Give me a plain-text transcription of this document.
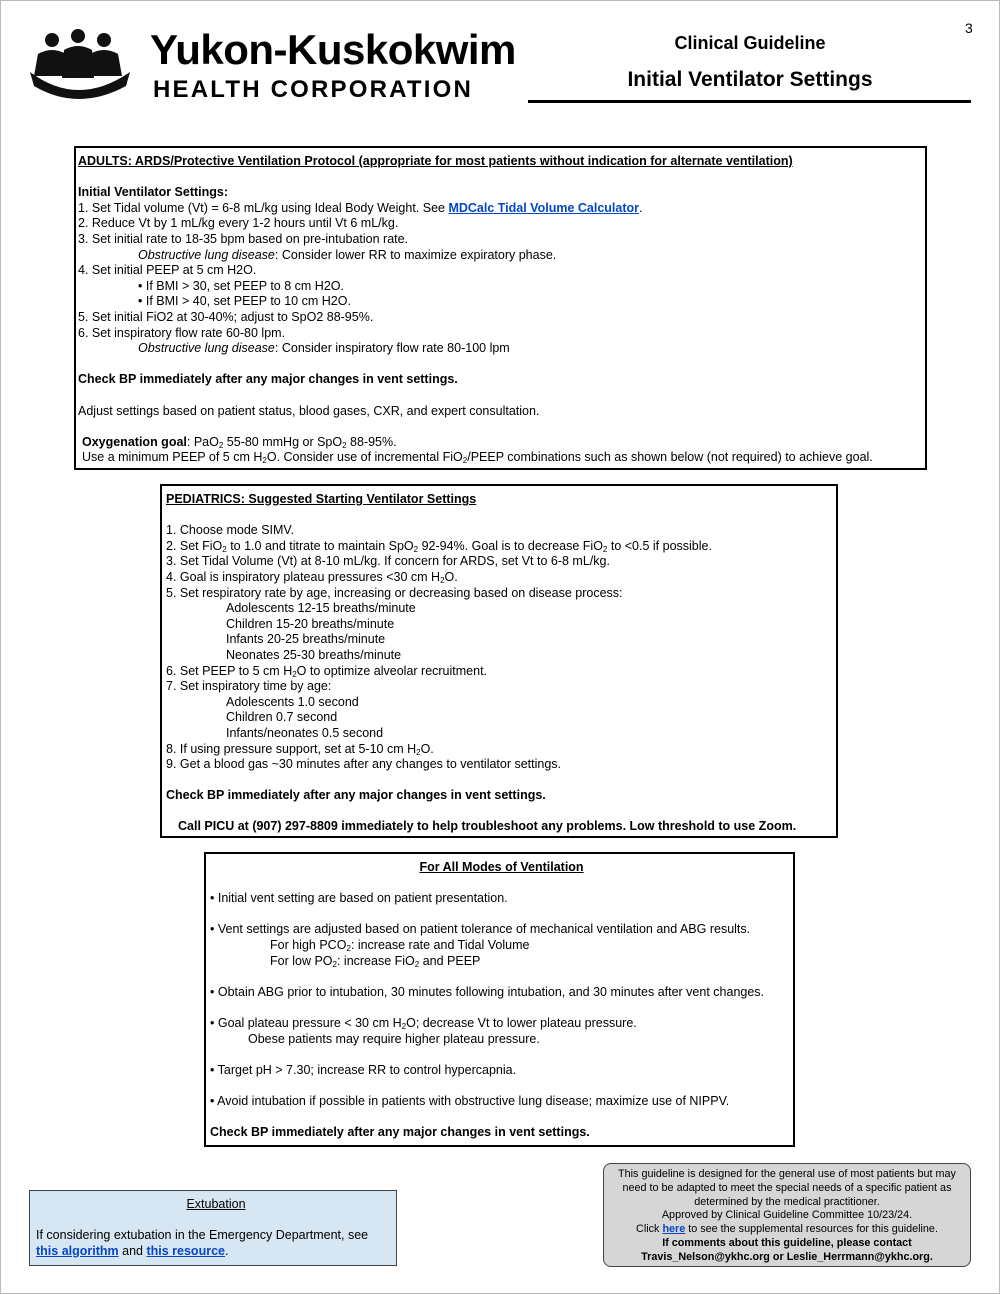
3
Yukon-Kuskokwim
HEALTH CORPORATION
Clinical Guideline
Initial Ventilator Settings

ADULTS: ARDS/Protective Ventilation Protocol (appropriate for most patients without indication for alternate ventilation)

Initial Ventilator Settings:

1. Set Tidal volume (Vt) = 6-8 mL/kg using Ideal Body Weight. See MDCalc Tidal Volume Calculator.

2. Reduce Vt by 1 mL/kg every 1-2 hours until Vt 6 mL/kg.

3. Set initial rate to 18-35 bpm based on pre-intubation rate.

Obstructive lung disease: Consider lower RR to maximize expiratory phase.

4. Set initial PEEP at 5 cm H2O.

• If BMI > 30, set PEEP to 8 cm H2O.

• If BMI > 40, set PEEP to 10 cm H2O.

5. Set initial FiO2 at 30-40%; adjust to SpO2 88-95%.

6. Set inspiratory flow rate 60-80 lpm.

Obstructive lung disease: Consider inspiratory flow rate 80-100 lpm

Check BP immediately after any major changes in vent settings.

Adjust settings based on patient status, blood gases, CXR, and expert consultation.

Oxygenation goal: PaO$_2$ 55-80 mmHg or SpO$_2$ 88-95%.

Use a minimum PEEP of 5 cm $H_2O$. Consider use of incremental FiO$_2$/PEEP combinations such as shown below (not required) to achieve goal.

PEDIATRICS: Suggested Starting Ventilator Settings

1. Choose mode SIMV.

2. Set FiO$_2$ to 1.0 and titrate to maintain SpO$_2$ 92-94%. Goal is to decrease FiO$_2$ to <0.5 if possible.

3. Set Tidal Volume (Vt) at 8-10 mL/kg. If concern for ARDS, set Vt to 6-8 mL/kg.

4. Goal is inspiratory plateau pressures <30 cm $H_2O$.

5. Set respiratory rate by age, increasing or decreasing based on disease process:

Adolescents 12-15 breaths/minute

Children 15-20 breaths/minute

Infants 20-25 breaths/minute

Neonates 25-30 breaths/minute

6. Set PEEP to 5 cm $H_2O$ to optimize alveolar recruitment.

7. Set inspiratory time by age:

Adolescents 1.0 second

Children 0.7 second

Infants/neonates 0.5 second

8. If using pressure support, set at 5-10 cm $H_2O$.

9. Get a blood gas ~30 minutes after any changes to ventilator settings.

Check BP immediately after any major changes in vent settings.

Call PICU at (907) 297-8809 immediately to help troubleshoot any problems. Low threshold to use Zoom.

For All Modes of Ventilation

• Initial vent setting are based on patient presentation.

• Vent settings are adjusted based on patient tolerance of mechanical ventilation and ABG results.

For high $PCO_2$: increase rate and Tidal Volume

For low $PO_2$: increase FiO$_2$ and PEEP

• Obtain ABG prior to intubation, 30 minutes following intubation, and 30 minutes after vent changes.

• Goal plateau pressure < 30 cm $H_2O$; decrease Vt to lower plateau pressure.

Obese patients may require higher plateau pressure.

• Target pH > 7.30; increase RR to control hypercapnia.

• Avoid intubation if possible in patients with obstructive lung disease; maximize use of NIPPV.

Check BP immediately after any major changes in vent settings.

Extubation

If considering extubation in the Emergency Department, see

this algorithm and this resource.

This guideline is designed for the general use of most patients but may need to be adapted to meet the special needs of a specific patient as determined by the medical practitioner.

Approved by Clinical Guideline Committee 10/23/24.

Click here to see the supplemental resources for this guideline.

If comments about this guideline, please contact

Travis_Nelson@ykhc.org or Leslie_Herrmann@ykhc.org.
